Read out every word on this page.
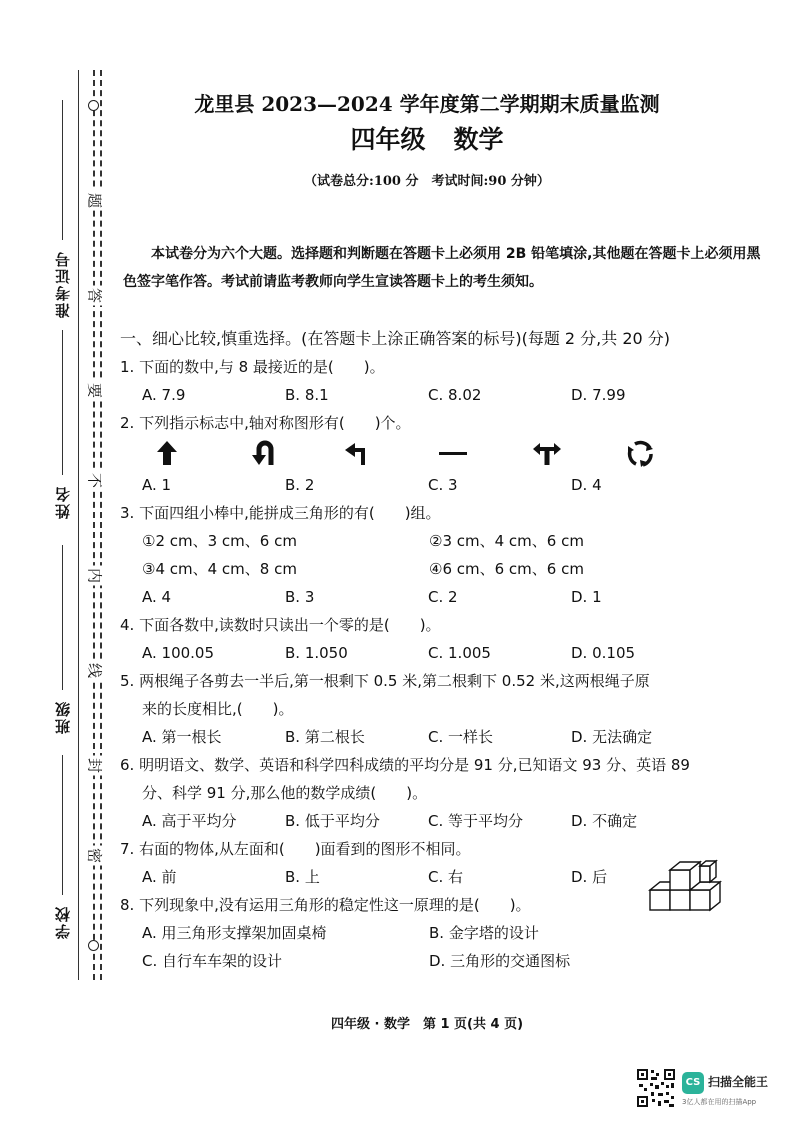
准考证号
姓名
班级
学校
题
答
要
不
内
线
封
密
龙里县 2023—2024 学年度第二学期期末质量监测
四年级 数学
（试卷总分:100 分　考试时间:90 分钟）
本试卷分为六个大题。选择题和判断题在答题卡上必须用 2B 铅笔填涂,其他题在答题卡上必须用黑色签字笔作答。考试前请监考教师向学生宣读答题卡上的考生须知。
一、细心比较,慎重选择。(在答题卡上涂正确答案的标号)(每题 2 分,共 20 分)
1. 下面的数中,与 8 最接近的是(　　)。
A. 7.9	B. 8.1	C. 8.02	D. 7.99
2. 下列指示标志中,轴对称图形有(　　)个。
A. 1	B. 2	C. 3	D. 4
3. 下面四组小棒中,能拼成三角形的有(　　)组。
①2 cm、3 cm、6 cm	②3 cm、4 cm、6 cm
③4 cm、4 cm、8 cm	④6 cm、6 cm、6 cm
A. 4	B. 3	C. 2	D. 1
4. 下面各数中,读数时只读出一个零的是(　　)。
A. 100.05	B. 1.050	C. 1.005	D. 0.105
5. 两根绳子各剪去一半后,第一根剩下 0.5 米,第二根剩下 0.52 米,这两根绳子原
来的长度相比,(　　)。
A. 第一根长	B. 第二根长	C. 一样长	D. 无法确定
6. 明明语文、数学、英语和科学四科成绩的平均分是 91 分,已知语文 93 分、英语 89
分、科学 91 分,那么他的数学成绩(　　)。
A. 高于平均分	B. 低于平均分	C. 等于平均分	D. 不确定
7. 右面的物体,从左面和(　　)面看到的图形不相同。
A. 前	B. 上	C. 右	D. 后
8. 下列现象中,没有运用三角形的稳定性这一原理的是(　　)。
A. 用三角形支撑架加固桌椅	B. 金字塔的设计
C. 自行车车架的设计	D. 三角形的交通图标
四年级 · 数学　第 1 页(共 4 页)
CS 扫描全能王
3亿人都在用的扫描App
